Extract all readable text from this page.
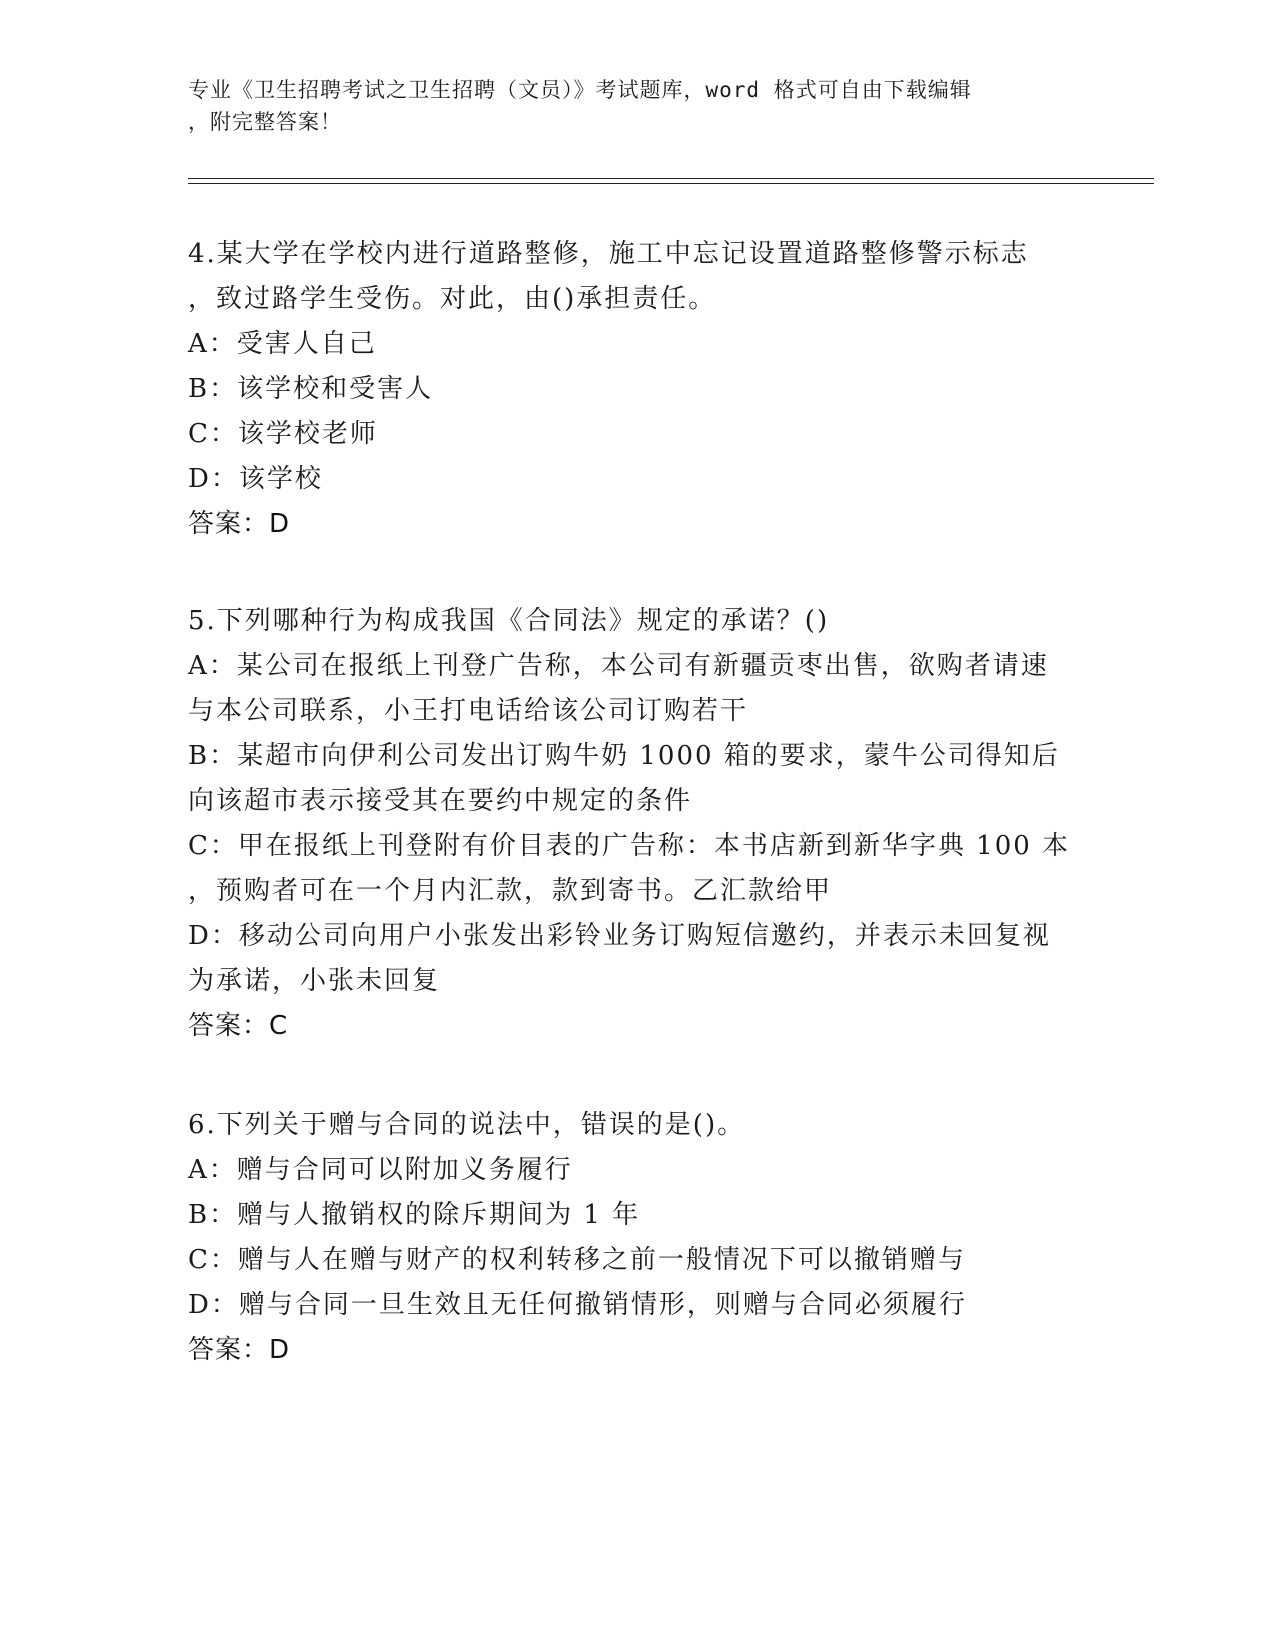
专业《卫生招聘考试之卫生招聘（文员）》考试题库，word 格式可自由下载编辑
，附完整答案！
4.某大学在学校内进行道路整修，施工中忘记设置道路整修警示标志
，致过路学生受伤。对此，由()承担责任。
A：受害人自己
B：该学校和受害人
C：该学校老师
D：该学校
答案：D
5.下列哪种行为构成我国《合同法》规定的承诺？()
A：某公司在报纸上刊登广告称，本公司有新疆贡枣出售，欲购者请速
与本公司联系，小王打电话给该公司订购若干
B：某超市向伊利公司发出订购牛奶 1000 箱的要求，蒙牛公司得知后
向该超市表示接受其在要约中规定的条件
C：甲在报纸上刊登附有价目表的广告称：本书店新到新华字典 100 本
，预购者可在一个月内汇款，款到寄书。乙汇款给甲
D：移动公司向用户小张发出彩铃业务订购短信邀约，并表示未回复视
为承诺，小张未回复
答案：C
6.下列关于赠与合同的说法中，错误的是()。
A：赠与合同可以附加义务履行
B：赠与人撤销权的除斥期间为 1 年
C：赠与人在赠与财产的权利转移之前一般情况下可以撤销赠与
D：赠与合同一旦生效且无任何撤销情形，则赠与合同必须履行
答案：D
